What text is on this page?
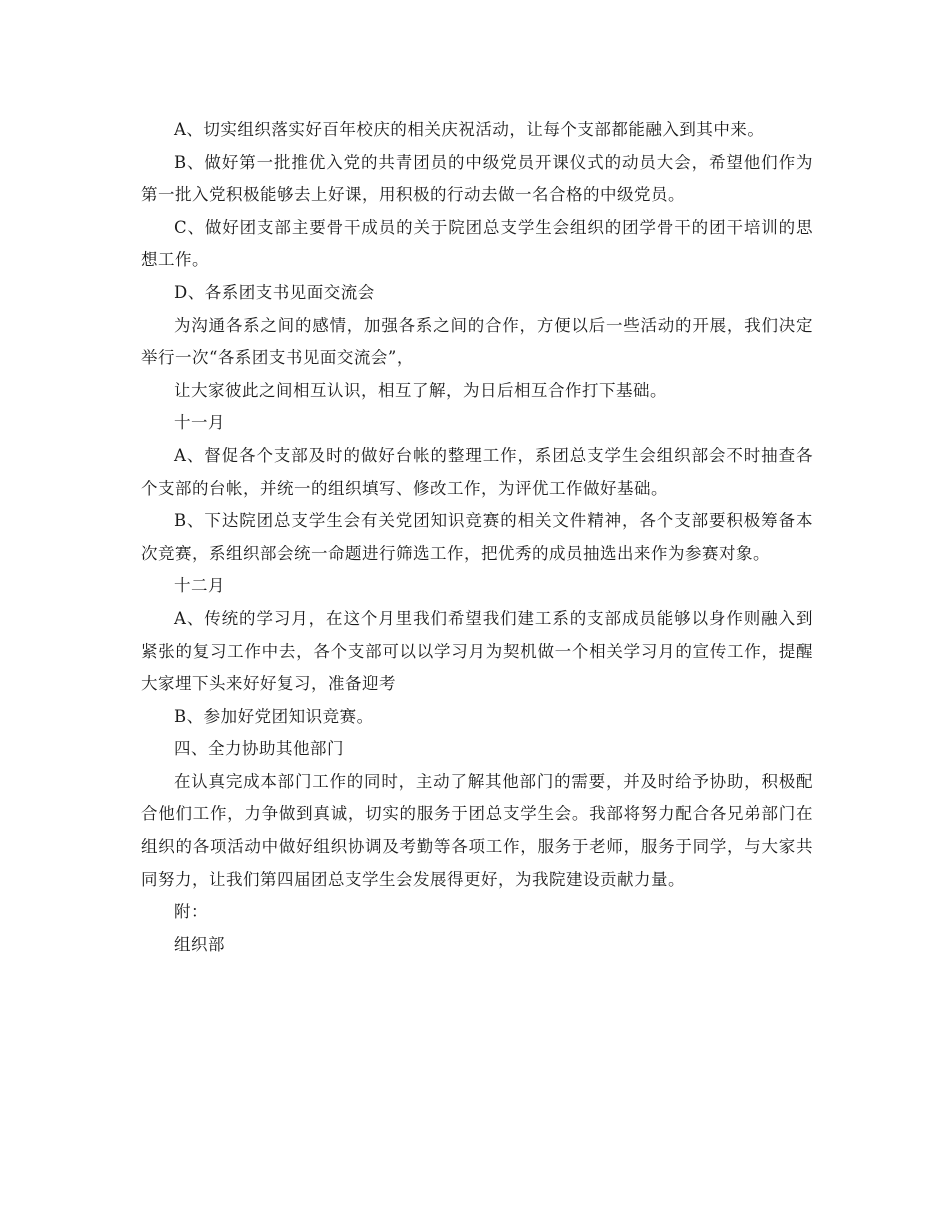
A、切实组织落实好百年校庆的相关庆祝活动，让每个支部都能融入到其中来。

B、做好第一批推优入党的共青团员的中级党员开课仪式的动员大会，希望他们作为第一批入党积极能够去上好课，用积极的行动去做一名合格的中级党员。

C、做好团支部主要骨干成员的关于院团总支学生会组织的团学骨干的团干培训的思想工作。

D、各系团支书见面交流会

为沟通各系之间的感情，加强各系之间的合作，方便以后一些活动的开展，我们决定举行一次“各系团支书见面交流会”，

让大家彼此之间相互认识，相互了解，为日后相互合作打下基础。

十一月

A、督促各个支部及时的做好台帐的整理工作，系团总支学生会组织部会不时抽查各个支部的台帐，并统一的组织填写、修改工作，为评优工作做好基础。

B、下达院团总支学生会有关党团知识竞赛的相关文件精神，各个支部要积极筹备本次竞赛，系组织部会统一命题进行筛选工作，把优秀的成员抽选出来作为参赛对象。

十二月

A、传统的学习月，在这个月里我们希望我们建工系的支部成员能够以身作则融入到紧张的复习工作中去，各个支部可以以学习月为契机做一个相关学习月的宣传工作，提醒大家埋下头来好好复习，准备迎考

B、参加好党团知识竞赛。

四、全力协助其他部门

在认真完成本部门工作的同时，主动了解其他部门的需要，并及时给予协助，积极配合他们工作，力争做到真诚，切实的服务于团总支学生会。我部将努力配合各兄弟部门在组织的各项活动中做好组织协调及考勤等各项工作，服务于老师，服务于同学，与大家共同努力，让我们第四届团总支学生会发展得更好，为我院建设贡献力量。

附：

组织部
